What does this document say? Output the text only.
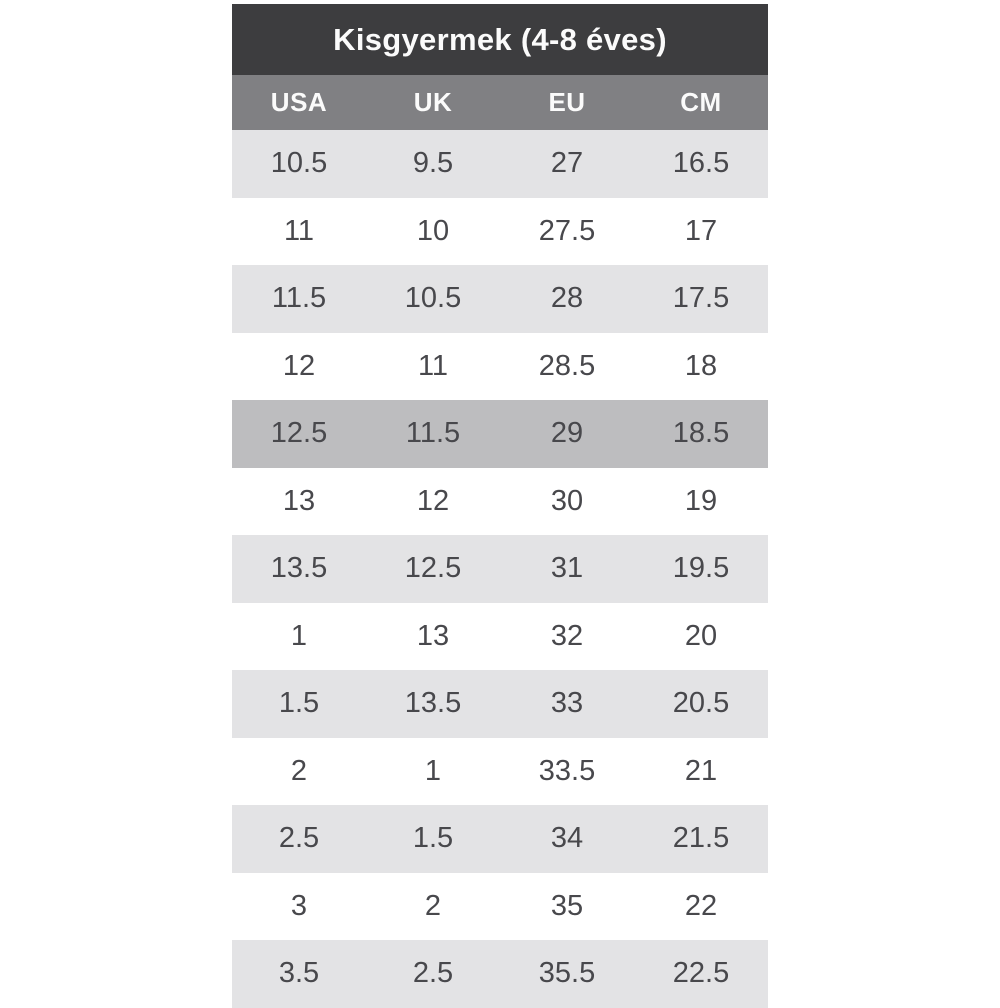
Kisgyermek (4-8 éves)
USA	UK	EU	CM
10.5	9.5	27	16.5
11	10	27.5	17
11.5	10.5	28	17.5
12	11	28.5	18
12.5	11.5	29	18.5
13	12	30	19
13.5	12.5	31	19.5
1	13	32	20
1.5	13.5	33	20.5
2	1	33.5	21
2.5	1.5	34	21.5
3	2	35	22
3.5	2.5	35.5	22.5
